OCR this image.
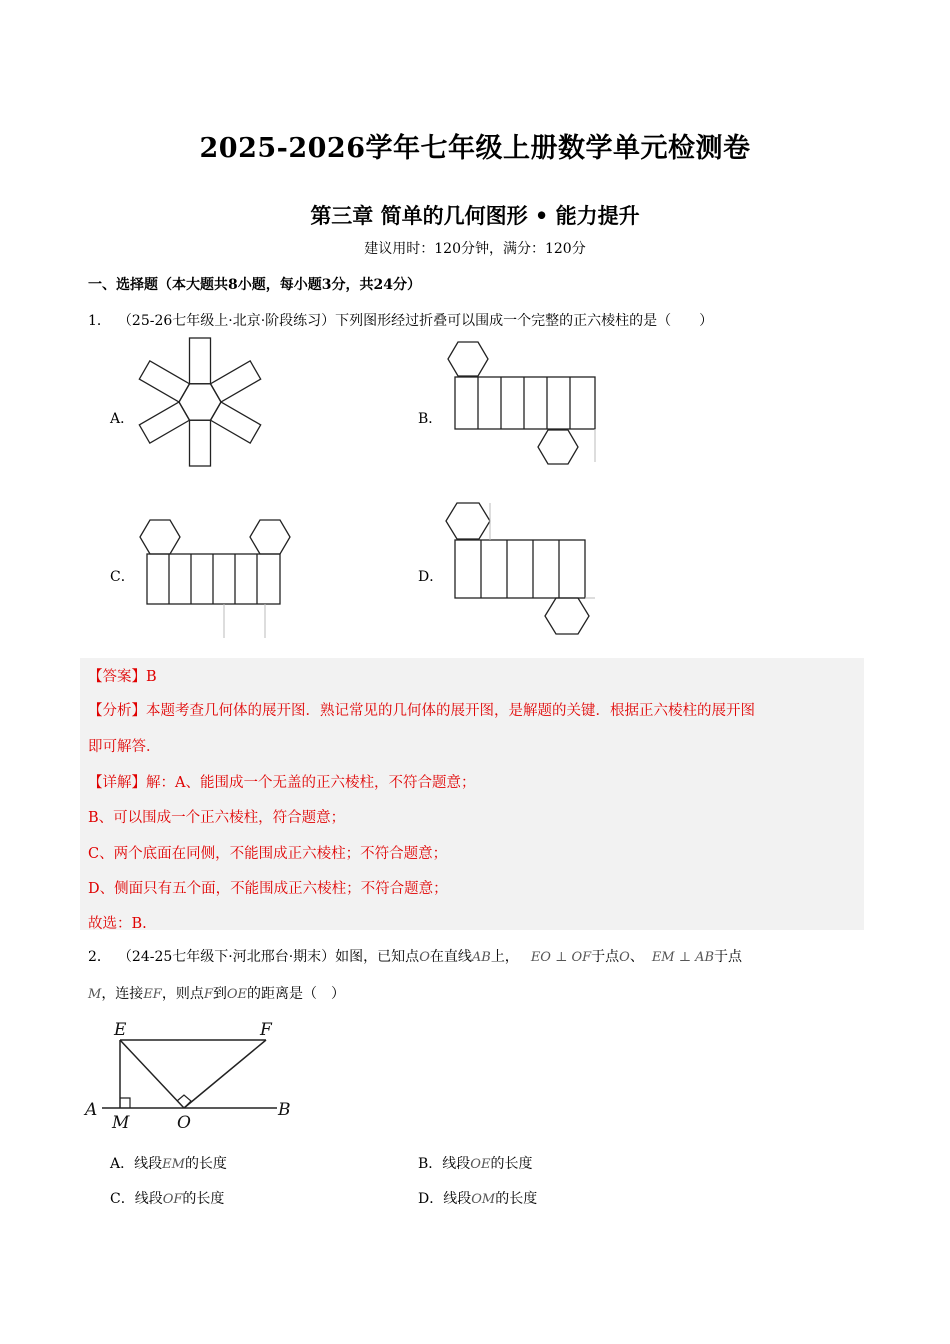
2025-2026学年七年级上册数学单元检测卷
第三章 简单的几何图形 • 能力提升
建议用时：120分钟，满分：120分
一、选择题（本大题共8小题，每小题3分，共24分）
1． （25-26七年级上·北京·阶段练习）下列图形经过折叠可以围成一个完整的正六棱柱的是（　　）
A．	B．
C．	D．
【答案】B
【分析】本题考查几何体的展开图．熟记常见的几何体的展开图，是解题的关键．根据正六棱柱的展开图
即可解答．
【详解】解：A、能围成一个无盖的正六棱柱，不符合题意；
B、可以围成一个正六棱柱，符合题意；
C、两个底面在同侧，不能围成正六棱柱；不符合题意；
D、侧面只有五个面，不能围成正六棱柱；不符合题意；
故选：B.
2． （24-25七年级下·河北邢台·期末）如图，已知点O在直线AB上， EO ⊥ OF于点O、 EM ⊥ AB于点
M，连接EF，则点F到OE的距离是（　）
E	F
A
M	O
B
A．线段EM的长度	B．线段OE的长度
C．线段OF的长度	D．线段OM的长度
